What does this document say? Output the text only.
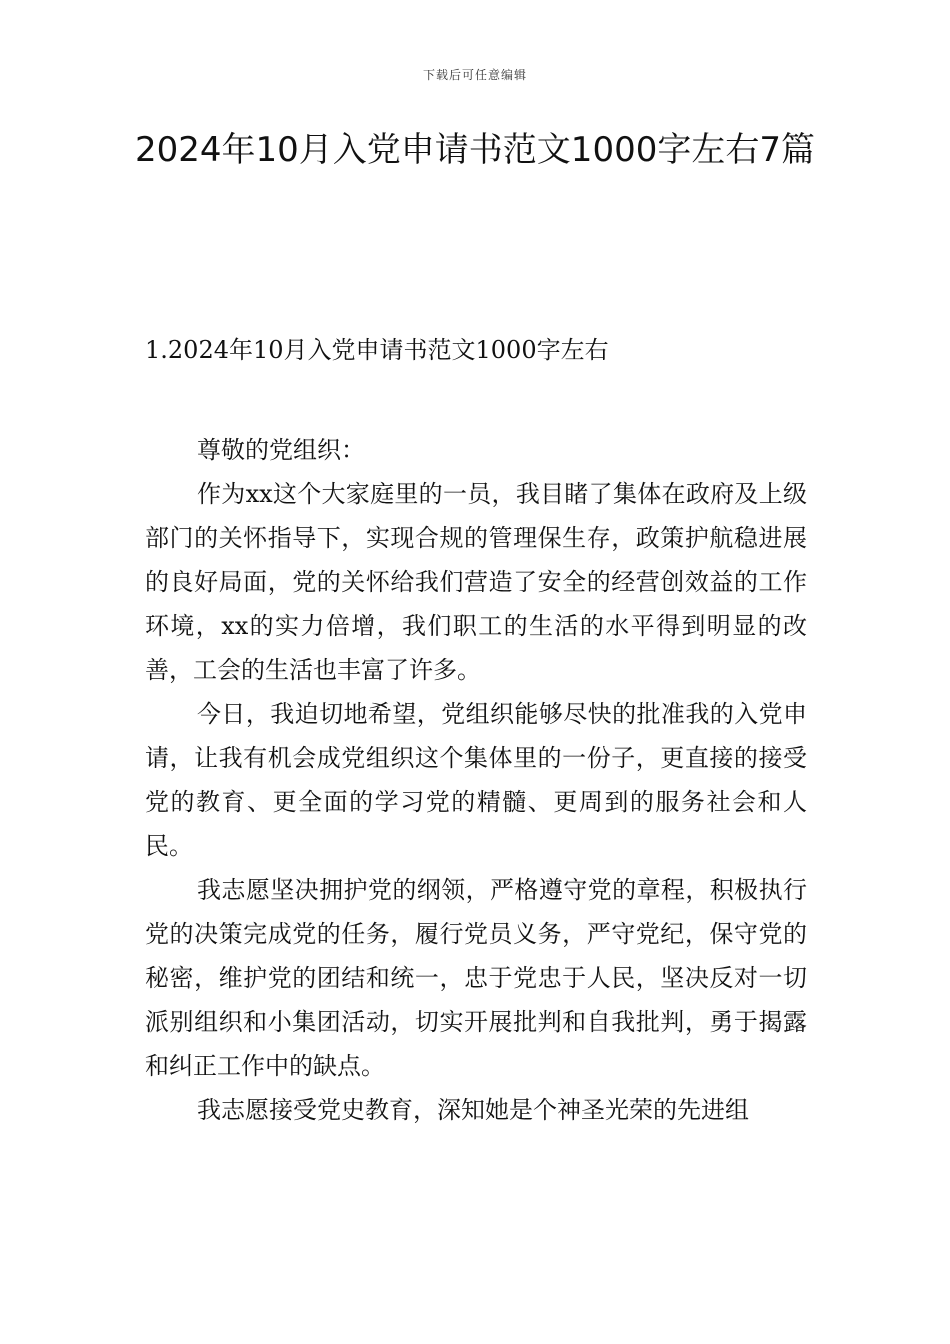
下载后可任意编辑
2024年10月入党申请书范文1000字左右7篇
1.2024年10月入党申请书范文1000字左右

尊敬的党组织：

作为xx这个大家庭里的一员，我目睹了集体在政府及上级部门的关怀指导下，实现合规的管理保生存，政策护航稳进展的良好局面，党的关怀给我们营造了安全的经营创效益的工作环境，xx的实力倍增，我们职工的生活的水平得到明显的改善，工会的生活也丰富了许多。

今日，我迫切地希望，党组织能够尽快的批准我的入党申请，让我有机会成党组织这个集体里的一份子，更直接的接受党的教育、更全面的学习党的精髓、更周到的服务社会和人民。

我志愿坚决拥护党的纲领，严格遵守党的章程，积极执行党的决策完成党的任务，履行党员义务，严守党纪，保守党的秘密，维护党的团结和统一，忠于党忠于人民，坚决反对一切派别组织和小集团活动，切实开展批判和自我批判，勇于揭露和纠正工作中的缺点。

我志愿接受党史教育，深知她是个神圣光荣的先进组
